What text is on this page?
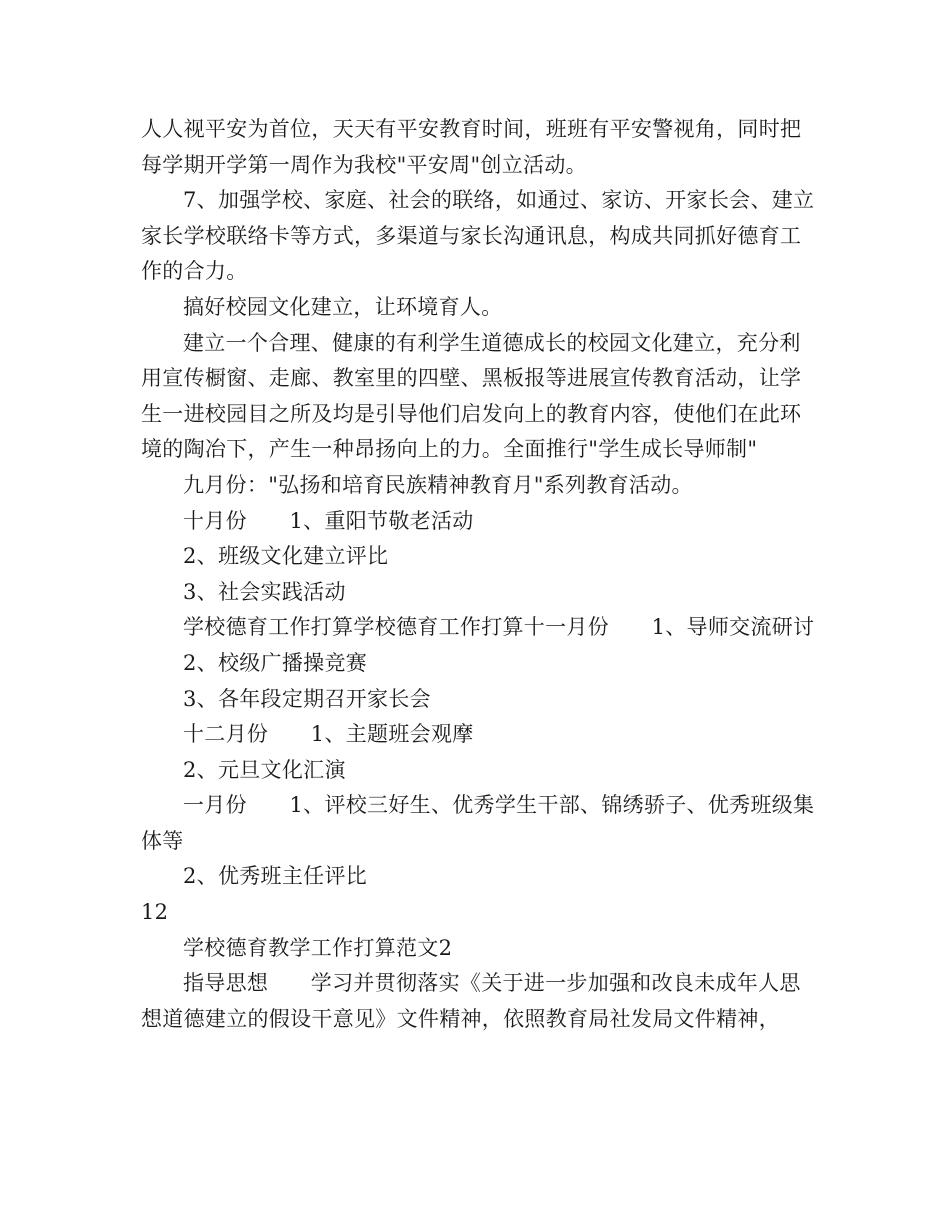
人人视平安为首位，天天有平安教育时间，班班有平安警视角，同时把每学期开学第一周作为我校"平安周"创立活动。

7、加强学校、家庭、社会的联络，如通过、家访、开家长会、建立家长学校联络卡等方式，多渠道与家长沟通讯息，构成共同抓好德育工作的合力。

搞好校园文化建立，让环境育人。

建立一个合理、健康的有利学生道德成长的校园文化建立，充分利用宣传橱窗、走廊、教室里的四壁、黑板报等进展宣传教育活动，让学生一进校园目之所及均是引导他们启发向上的教育内容，使他们在此环境的陶冶下，产生一种昂扬向上的力。全面推行"学生成长导师制"

九月份："弘扬和培育民族精神教育月"系列教育活动。

十月份　　1、重阳节敬老活动

2、班级文化建立评比

3、社会实践活动

学校德育工作打算学校德育工作打算十一月份　　1、导师交流研讨

2、校级广播操竞赛

3、各年段定期召开家长会

十二月份　　1、主题班会观摩

2、元旦文化汇演

一月份　　1、评校三好生、优秀学生干部、锦绣骄子、优秀班级集体等

2、优秀班主任评比

12

学校德育教学工作打算范文2

指导思想　　学习并贯彻落实《关于进一步加强和改良未成年人思想道德建立的假设干意见》文件精神，依照教育局社发局文件精神，
